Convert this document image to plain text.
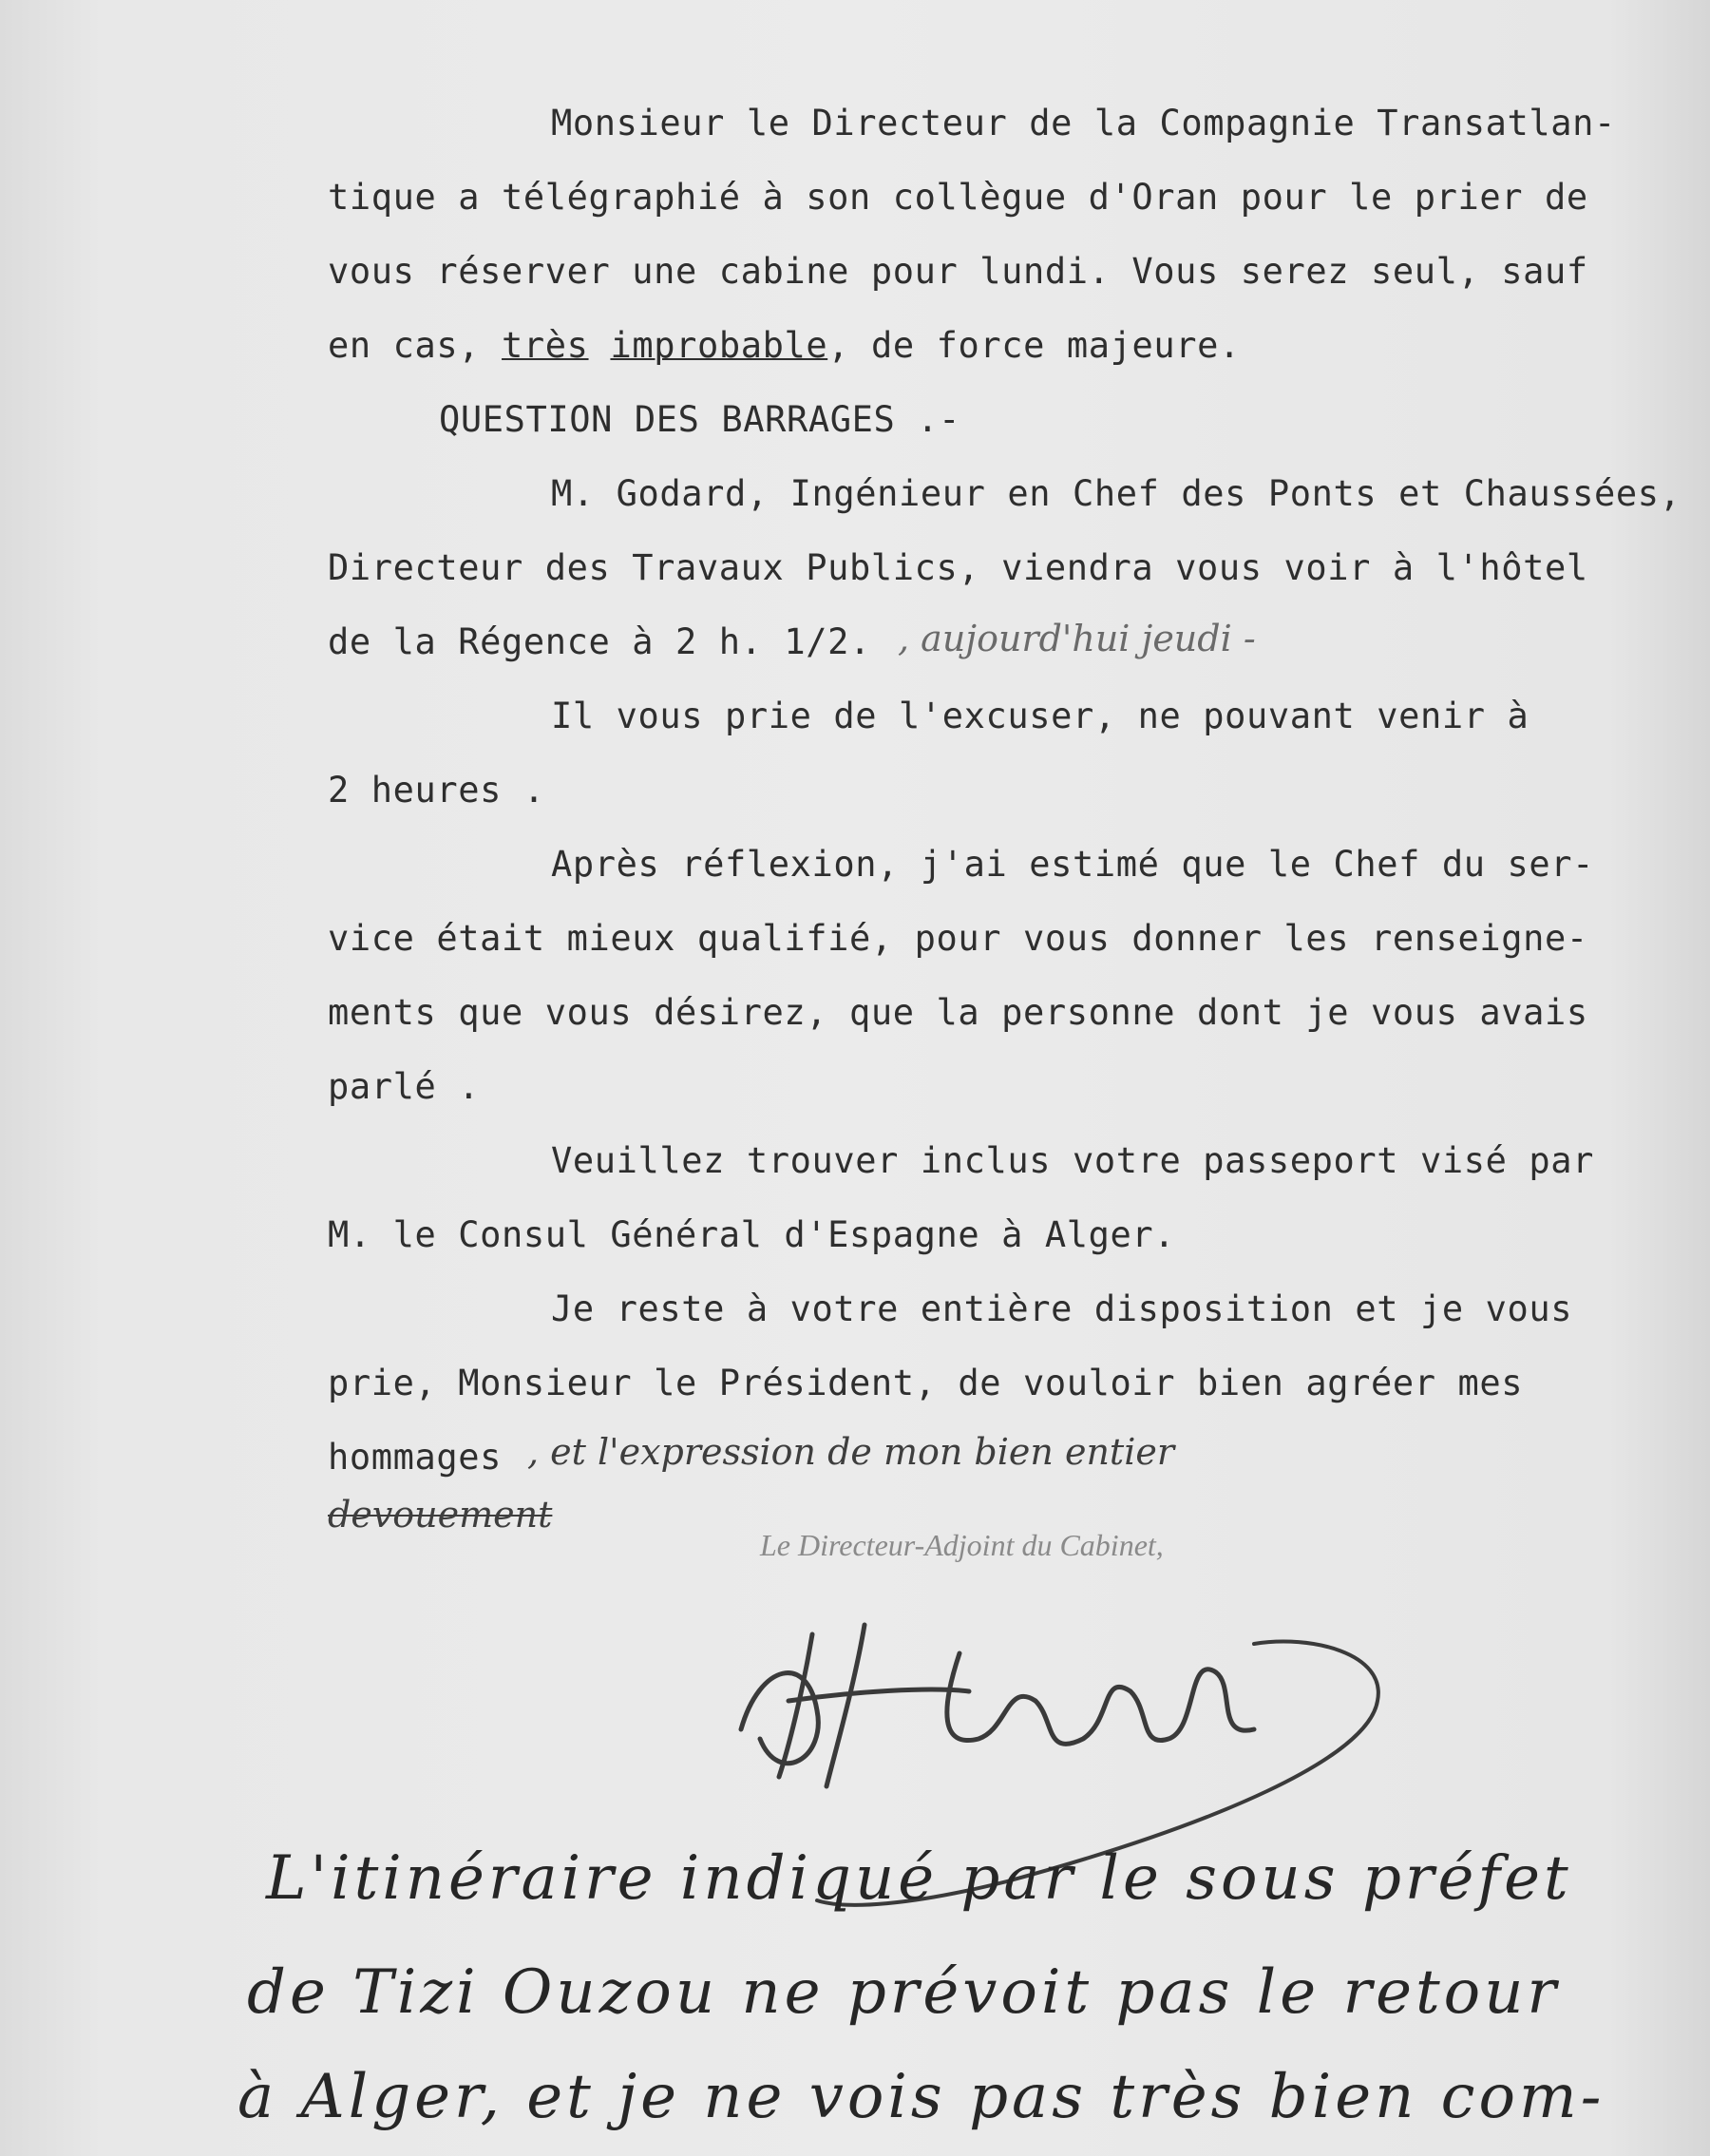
Monsieur le Directeur de la Compagnie Transatlan-
tique a télégraphié à son collègue d'Oran pour le prier de
vous réserver une cabine pour lundi. Vous serez seul, sauf
en cas, très improbable, de force majeure.
QUESTION DES BARRAGES .-
M. Godard, Ingénieur en Chef des Ponts et Chaussées,
Directeur des Travaux Publics, viendra vous voir à l'hôtel
de la Régence à 2 h. 1/2. , aujourd'hui jeudi -
Il vous prie de l'excuser, ne pouvant venir à
2 heures .
Après réflexion, j'ai estimé que le Chef du ser-
vice était mieux qualifié, pour vous donner les renseigne-
ments que vous désirez, que la personne dont je vous avais
parlé .
Veuillez trouver inclus votre passeport visé par
M. le Consul Général d'Espagne à Alger.
Je reste à votre entière disposition et je vous
prie, Monsieur le Président, de vouloir bien agréer mes
hommages , et l'expression de mon bien entier
devouement
Le Directeur-Adjoint du Cabinet,
L'itinéraire indiqué par le sous préfet
de Tizi Ouzou ne prévoit pas le retour
à Alger, et je ne vois pas très bien com-
